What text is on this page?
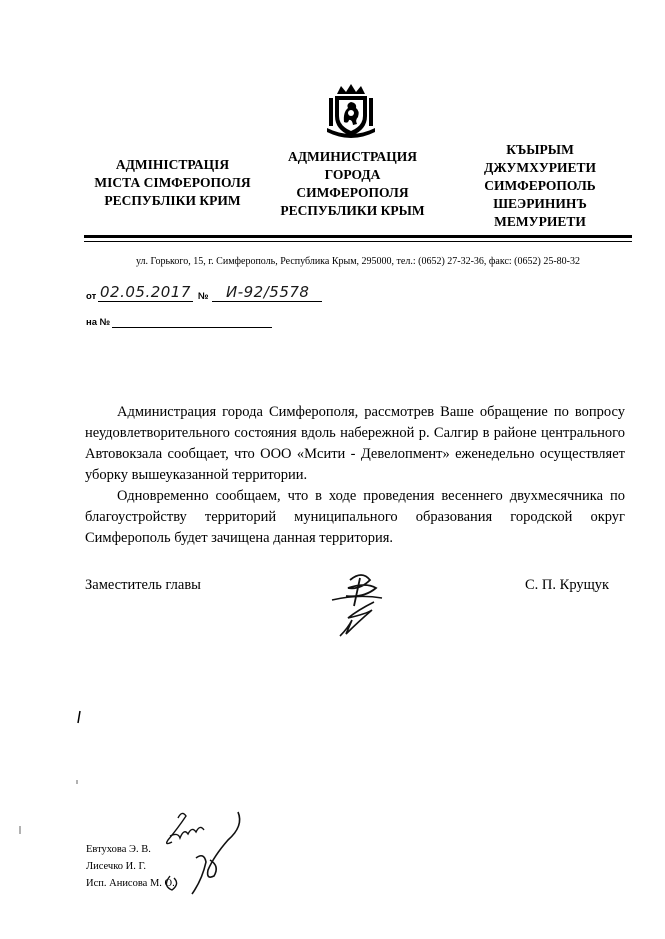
АДМІНІСТРАЦІЯ
МІСТА СІМФЕРОПОЛЯ
РЕСПУБЛІКИ КРИМ
АДМИНИСТРАЦИЯ
ГОРОДА
СИМФЕРОПОЛЯ
РЕСПУБЛИКИ КРЫМ
КЪЫРЫМ
ДЖУМХУРИЕТИ
СИМФЕРОПОЛЬ
ШЕЭРИНИНЪ
МЕМУРИЕТИ
ул. Горького, 15, г. Симферополь, Республика Крым, 295000, тел.: (0652) 27-32-36, факс: (0652) 25-80-32
от 02.05.2017 № И-92/5578
на №

Администрация города Симферополя, рассмотрев Ваше обращение по вопросу неудовлетворительного состояния вдоль набережной р. Салгир в районе центрального Автовокзала сообщает, что ООО «Мсити - Девелопмент» еженедельно осуществляет уборку вышеуказанной территории.

Одновременно сообщаем, что в ходе проведения весеннего двухмесячника по благоустройству территорий муниципального образования городской округ Симферополь будет зачищена данная территория.

Заместитель главы	С. П. Крущук
Евтухова Э. В.
Лисечко И. Г.
Исп. Анисова М. О.
